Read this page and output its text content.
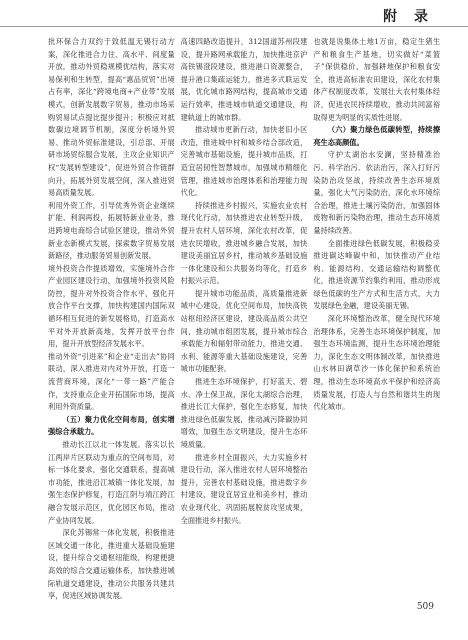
附 录

批环保合力双约于致低温无锡行动方案，深化推进合力住、高水平、间度量开放。推动外贸稳规模优结构，落实对易保利和生转型，提高“惠品贸贸”出境占有率，深化“跨境电商+产业带”发展模式，创新发展数字贸易，推动市场采购贸易试点提比提步提升；积极应对抵数碳边境调节机制，深度分析境外贸易、推动外贸标准建设，引总部、开展研市场贸综服合发展，主攻企业知识产权“发展转型建设”，促进外贸合作链群向升，拓展外贸发展空间，深入推进贸易高质量发展。

利用外资工作，引导优秀外资企业继续扩能、利润再投，拓展特新业业务，推进跨境电商综合试验区建设，推动外贸新业态新模式发展，探索数字贸易发展新路径，推动服务贸易创新发展。

境外投资合作提质增效，实施境外合作产业园区建设行动，加强境外投资风险防控，提升对外投资合作水平，强化开放合作平台支撑，加快构建国内国际双循环相互促进的新发展格局，打造高水平对外开放新高地，发挥开放平台作用，提升开放型经济发展水平。

推动外资“引进来”和企业“走出去”协同联动，深入推进对内对外开放，打造一流营商环境，深化“一带一路”产能合作，支持重点企业开拓国际市场，提高利用外资质量。

（五）聚力优化空间布局，创实增强综合承载力。

推动长江以北一体发展。落实以长江两岸片区联动为重点的空间布局，对标一体化要求，强化交通联系，提高城市功能，推进沿江城镇一体化发展，加强生态保护修复，打造江阴与靖江跨江融合发展示范区，优化园区布局，推动产业协同发展。

深化苏锡常一体化发展，积极推进区域交通一体化，推进重大基础设施建设，提升综合交通枢纽能级，构建便捷高效的综合交通运输体系，加快推进城际轨道交通建设，推动公共服务共建共享，促进区域协调发展。

高速四路改造提升，312国道苏州段建设，提升路网承载能力，加快推进京沪高铁锡澄段建设，推进港口资源整合，提升港口集疏运能力，推进多式联运发展，优化城市路网结构，提高城市交通运行效率，推进城市轨道交通建设，构建轨道上的城市群。

推动城市更新行动，加快老旧小区改造，推进城中村和城乡结合部改造，完善城市基础设施，提升城市品质，打造宜居韧性智慧城市，加强城市精细化管理，推进城市治理体系和治理能力现代化。

持续推进乡村振兴，实施农业农村现代化行动，加快推进农业转型升级，提升农村人居环境，深化农村改革，促进农民增收，推进城乡融合发展，加快建设美丽宜居乡村，推动城乡基础设施一体化建设和公共服务均等化，打造乡村振兴示范。

提升城市功能品质，高质量推进新城中心建设，优化空间布局，加快高铁站枢纽经济区建设，建设高品质公共空间，推动城市组团发展，提升城市综合承载能力和辐射带动能力，推进交通、水利、能源等重大基础设施建设，完善城市功能配套。

推进生态环境保护，打好蓝天、碧水、净土保卫战，深化太湖综合治理，推进长江大保护，强化生态修复，加快推进绿色低碳发展，推动减污降碳协同增效，加强生态文明建设，提升生态环境质量。

推进乡村全面振兴，大力实施乡村建设行动，深入推进农村人居环境整治提升，完善农村基础设施，推进数字乡村建设，建设宜居宜业和美乡村，推动农业现代化，巩固拓展脱贫攻坚成果，全面推进乡村振兴。

也就是说集体土地1万亩，稳定生猪生产和粮食生产基地，切实做好“菜篮子”保供稳价，加强耕地保护和粮食安全，推进高标准农田建设，深化农村集体产权制度改革，发展壮大农村集体经济，促进农民持续增收，推动共同富裕取得更为明显的实质性进展。

（六）聚力绿色低碳转型，持续擦亮生态高颜值。

守护太湖治水安澜，坚持精准治污、科学治污、依法治污，深入打好污染防治攻坚战，持续改善生态环境质量，强化大气污染防治，深化水环境综合治理，推进土壤污染防治，加强固体废物和新污染物治理，推动生态环境质量持续改善。

全面推进绿色低碳发展，积极稳妥推进碳达峰碳中和，加快推动产业结构、能源结构、交通运输结构调整优化，推进资源节约集约利用，推动形成绿色低碳的生产方式和生活方式，大力发展绿色金融，建设美丽无锡。

深化环境整治改革，健全现代环境治理体系，完善生态环境保护制度，加强生态环境监测，提升生态环境治理能力，深化生态文明体制改革，加快推进山水林田湖草沙一体化保护和系统治理，推动生态环境高水平保护和经济高质量发展，打造人与自然和谐共生的现代化城市。

509
